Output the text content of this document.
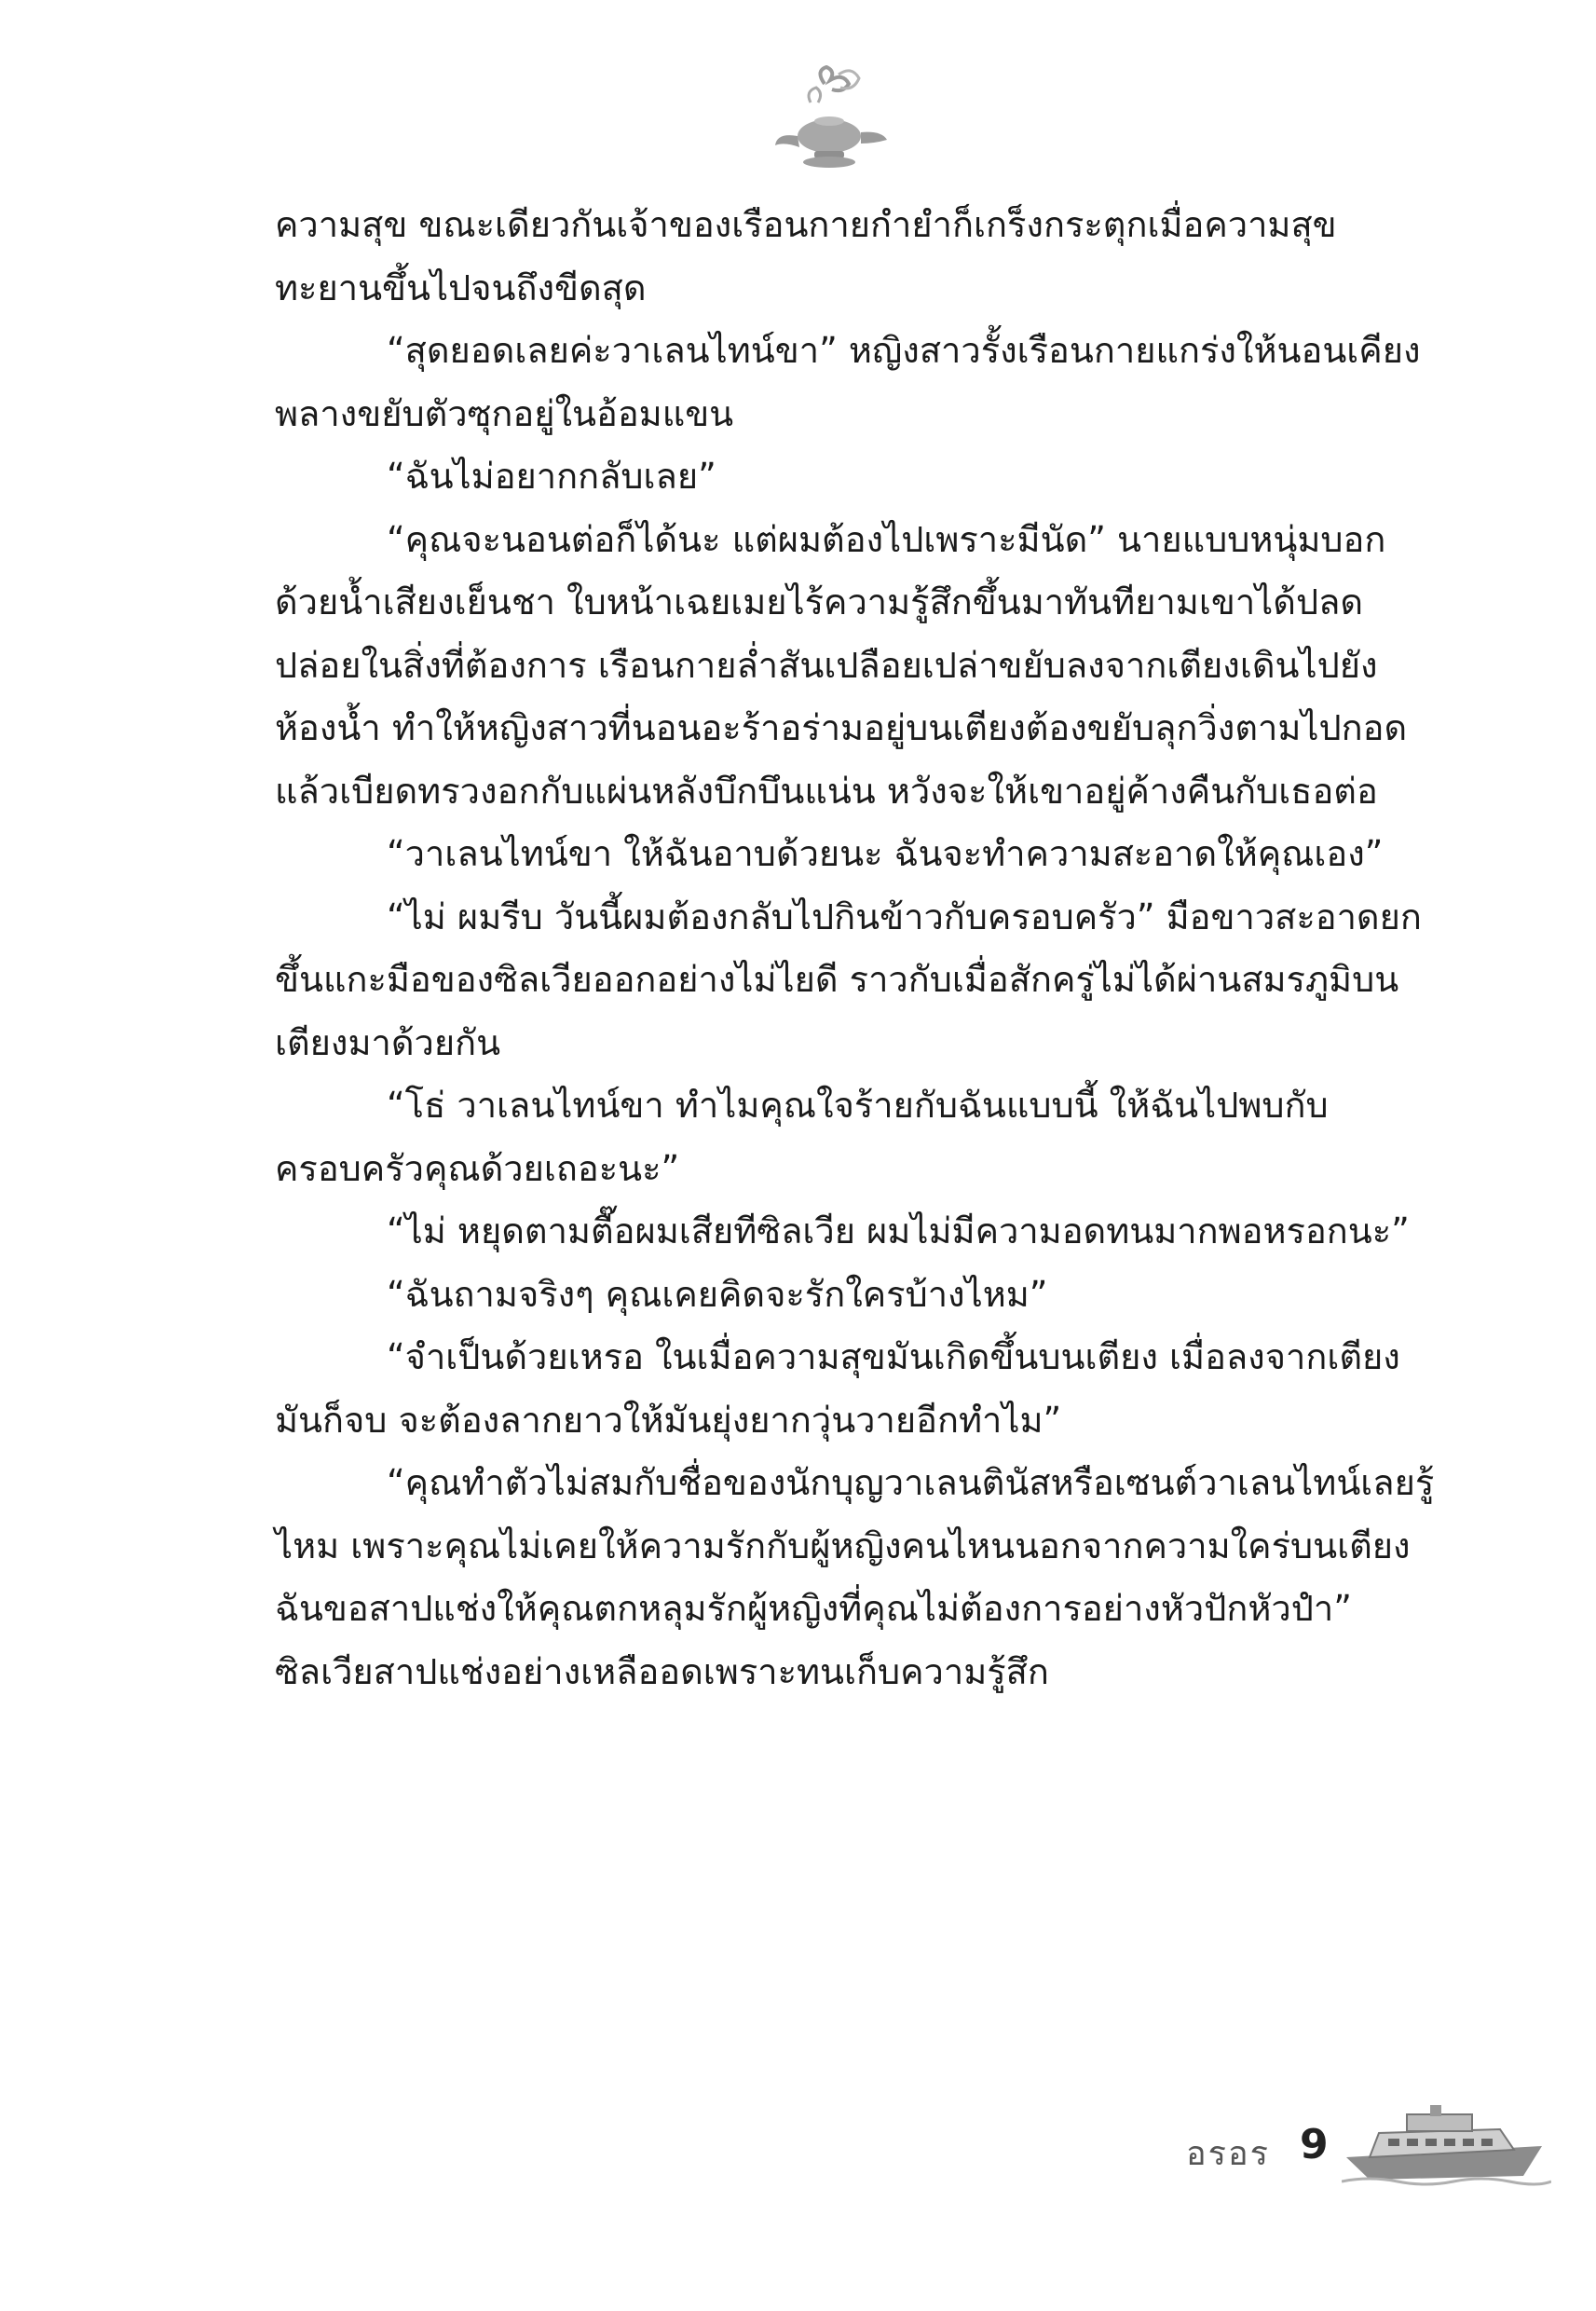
ความสุข ขณะเดียวกันเจ้าของเรือนกายกำยำก็เกร็งกระตุกเมื่อความสุขทะยานขึ้นไปจนถึงขีดสุด

“สุดยอดเลยค่ะวาเลนไทน์ขา” หญิงสาวรั้งเรือนกายแกร่งให้นอนเคียง พลางขยับตัวซุกอยู่ในอ้อมแขน

“ฉันไม่อยากกลับเลย”

“คุณจะนอนต่อก็ได้นะ แต่ผมต้องไปเพราะมีนัด” นายแบบหนุ่มบอกด้วยน้ำเสียงเย็นชา ใบหน้าเฉยเมยไร้ความรู้สึกขึ้นมาทันทียามเขาได้ปลดปล่อยในสิ่งที่ต้องการ เรือนกายล่ำสันเปลือยเปล่าขยับลงจากเตียงเดินไปยังห้องน้ำ ทำให้หญิงสาวที่นอนอะร้าอร่ามอยู่บนเตียงต้องขยับลุกวิ่งตามไปกอด แล้วเบียดทรวงอกกับแผ่นหลังบึกบึนแน่น หวังจะให้เขาอยู่ค้างคืนกับเธอต่อ

“วาเลนไทน์ขา ให้ฉันอาบด้วยนะ ฉันจะทำความสะอาดให้คุณเอง”

“ไม่ ผมรีบ วันนี้ผมต้องกลับไปกินข้าวกับครอบครัว” มือขาวสะอาดยกขึ้นแกะมือของซิลเวียออกอย่างไม่ไยดี ราวกับเมื่อสักครู่ไม่ได้ผ่านสมรภูมิบนเตียงมาด้วยกัน

“โธ่ วาเลนไทน์ขา ทำไมคุณใจร้ายกับฉันแบบนี้ ให้ฉันไปพบกับครอบครัวคุณด้วยเถอะนะ”

“ไม่ หยุดตามตื๊อผมเสียทีซิลเวีย ผมไม่มีความอดทนมากพอหรอกนะ”

“ฉันถามจริงๆ คุณเคยคิดจะรักใครบ้างไหม”

“จำเป็นด้วยเหรอ ในเมื่อความสุขมันเกิดขึ้นบนเตียง เมื่อลงจากเตียงมันก็จบ จะต้องลากยาวให้มันยุ่งยากวุ่นวายอีกทำไม”

“คุณทำตัวไม่สมกับชื่อของนักบุญวาเลนตินัสหรือเซนต์วาเลนไทน์เลยรู้ไหม เพราะคุณไม่เคยให้ความรักกับผู้หญิงคนไหนนอกจากความใคร่บนเตียง ฉันขอสาปแช่งให้คุณตกหลุมรักผู้หญิงที่คุณไม่ต้องการอย่างหัวปักหัวปำ” ซิลเวียสาปแช่งอย่างเหลืออดเพราะทนเก็บความรู้สึก

อรอร 9
